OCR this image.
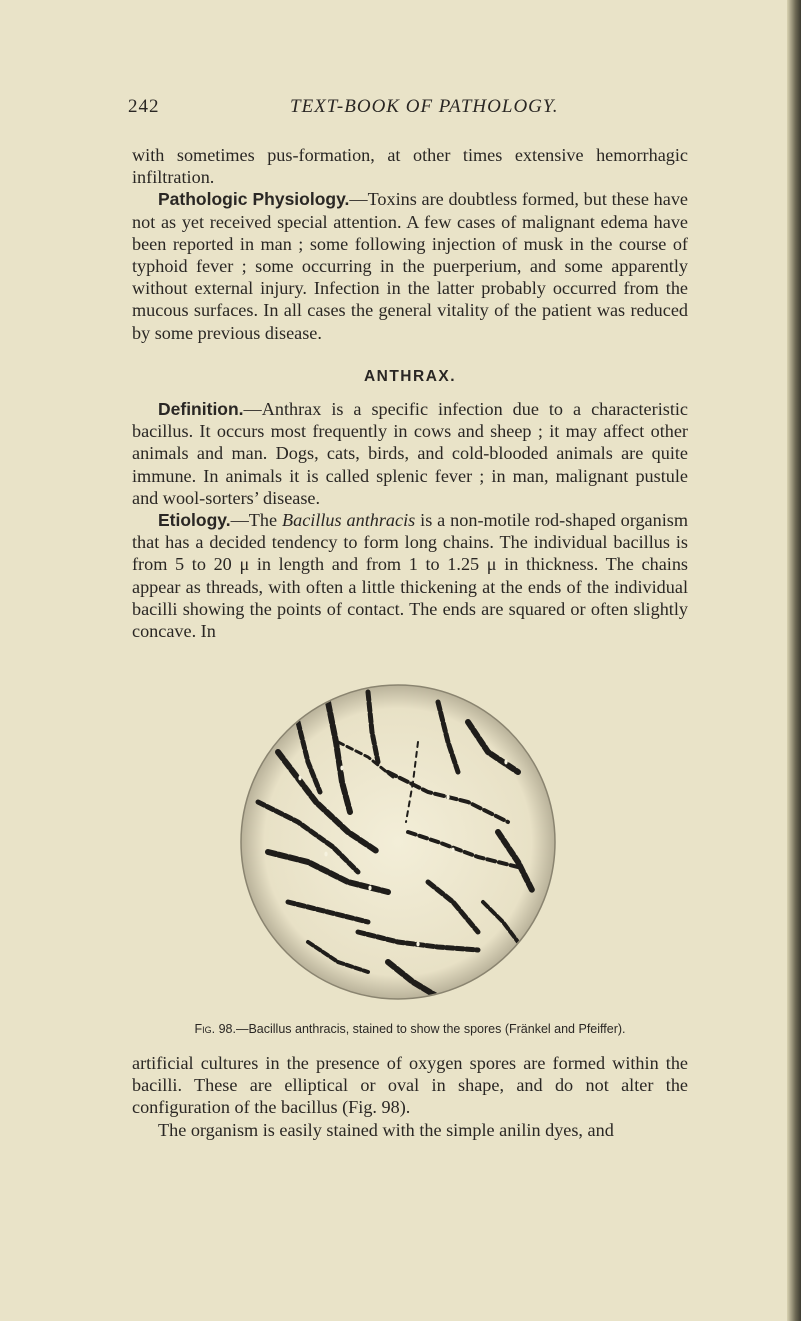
242	TEXT-BOOK OF PATHOLOGY.

with sometimes pus-formation, at other times extensive hemorrhagic infiltration.

Pathologic Physiology.—Toxins are doubtless formed, but these have not as yet received special attention. A few cases of malignant edema have been reported in man ; some following injection of musk in the course of typhoid fever ; some occurring in the puerperium, and some apparently without external injury. Infection in the latter probably occurred from the mucous surfaces. In all cases the general vitality of the patient was reduced by some previous disease.

ANTHRAX.

Definition.—Anthrax is a specific infection due to a characteristic bacillus. It occurs most frequently in cows and sheep ; it may affect other animals and man. Dogs, cats, birds, and cold-blooded animals are quite immune. In animals it is called splenic fever ; in man, malignant pustule and wool-sorters’ disease.

Etiology.—The Bacillus anthracis is a non-motile rod-shaped organism that has a decided tendency to form long chains. The individual bacillus is from 5 to 20 μ in length and from 1 to 1.25 μ in thickness. The chains appear as threads, with often a little thickening at the ends of the individual bacilli showing the points of contact. The ends are squared or often slightly concave. In

Fig. 98.—Bacillus anthracis, stained to show the spores (Fränkel and Pfeiffer).

artificial cultures in the presence of oxygen spores are formed within the bacilli. These are elliptical or oval in shape, and do not alter the configuration of the bacillus (Fig. 98).

The organism is easily stained with the simple anilin dyes, and
